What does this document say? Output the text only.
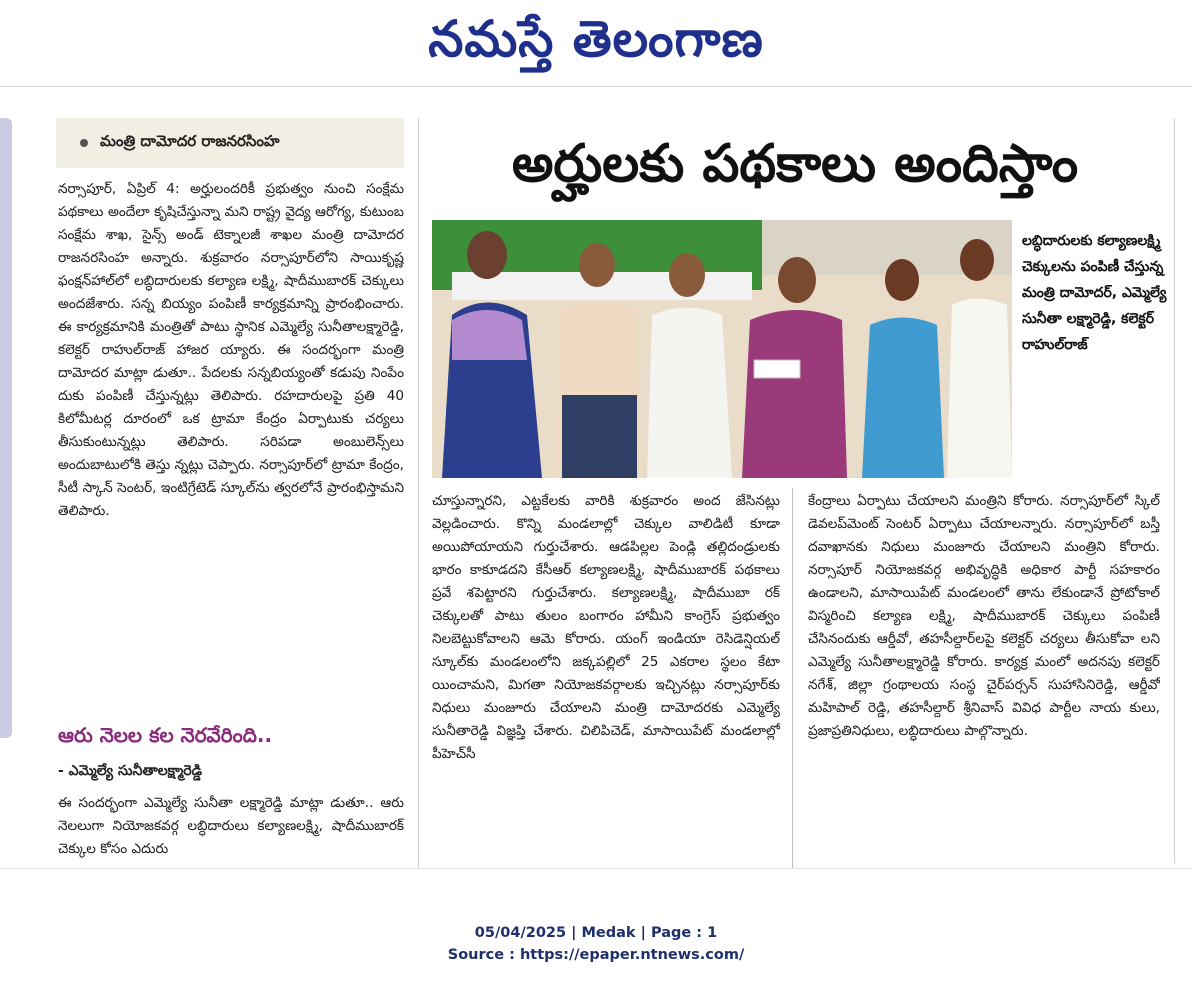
నమస్తే తెలంగాణ
మంత్రి దామోదర రాజనరసింహ	అర్హులకు పథకాలు అందిస్తాం
నర్సాపూర్, ఏప్రిల్ 4: అర్హులందరికీ ప్రభుత్వం నుంచి సంక్షేమ పథకాలు అందేలా కృషిచేస్తున్నా మని రాష్ట్ర వైద్య ఆరోగ్య, కుటుంబ సంక్షేమ శాఖ, సైన్స్ అండ్ టెక్నాలజీ శాఖల మంత్రి దామోదర రాజనరసింహ అన్నారు. శుక్రవారం నర్సాపూర్‌లోని సాయికృష్ణ ఫంక్షన్‌హాల్‌లో లబ్ధిదారులకు కల్యాణ లక్ష్మి, షాదీముబారక్ చెక్కులు అందజేశారు. సన్న బియ్యం పంపిణీ కార్యక్రమాన్ని ప్రారంభించారు. ఈ కార్యక్రమానికి మంత్రితో పాటు స్థానిక ఎమ్మెల్యే సునీతాలక్ష్మారెడ్డి, కలెక్టర్ రాహుల్‌రాజ్ హాజర య్యారు. ఈ సందర్భంగా మంత్రి దామోదర మాట్లా డుతూ.. పేదలకు సన్నబియ్యంతో కడుపు నింపేం దుకు పంపిణీ చేస్తున్నట్లు తెలిపారు. రహదారులపై ప్రతి 40 కిలోమీటర్ల దూరంలో ఒక ట్రామా కేంద్రం ఏర్పాటుకు చర్యలు తీసుకుంటున్నట్లు తెలిపారు. సరిపడా అంబులెన్స్‌లు అందుబాటులోకి తెస్తు న్నట్లు చెప్పారు. నర్సాపూర్‌లో ట్రామా కేంద్రం, సీటీ స్కాన్ సెంటర్, ఇంటిగ్రేటెడ్ స్కూల్‌ను త్వరలోనే ప్రారంభిస్తామని తెలిపారు.
ఆరు నెలల కల నెరవేరింది..
- ఎమ్మెల్యే సునీతాలక్ష్మారెడ్డి
ఈ సందర్భంగా ఎమ్మెల్యే సునీతా లక్ష్మారెడ్డి మాట్లా డుతూ.. ఆరు నెలలుగా నియోజకవర్గ లబ్ధిదారులు కల్యాణలక్ష్మి, షాదీముబారక్ చెక్కుల కోసం ఎదురు
లబ్ధిదారులకు కల్యాణలక్ష్మి చెక్కులను పంపిణీ చేస్తున్న మంత్రి దామోదర్, ఎమ్మెల్యే సునీతా లక్ష్మారెడ్డి, కలెక్టర్ రాహుల్‌రాజ్
చూస్తున్నారని, ఎట్టకేలకు వారికి శుక్రవారం అంద జేసినట్లు వెల్లడించారు. కొన్ని మండలాల్లో చెక్కుల వాలిడిటీ కూడా అయిపోయాయని గుర్తుచేశారు. ఆడపిల్లల పెండ్లి తల్లిదండ్రులకు భారం కాకూడదని కేసీఆర్ కల్యాణలక్ష్మి, షాదీముబారక్ పథకాలు ప్రవే శపెట్టారని గుర్తుచేశారు. కల్యాణలక్ష్మి, షాదీముబా రక్ చెక్కులతో పాటు తులం బంగారం హామీని కాంగ్రెస్ ప్రభుత్వం నిలబెట్టుకోవాలని ఆమె కోరారు. యంగ్ ఇండియా రెసిడెన్షియల్ స్కూల్‌కు మండలంలోని జక్కపల్లిలో 25 ఎకరాల స్థలం కేటా యించామని, మిగతా నియోజకవర్గాలకు ఇచ్చినట్లు నర్సాపూర్‌కు నిధులు మంజూరు చేయాలని మంత్రి దామోదరకు ఎమ్మెల్యే సునీతారెడ్డి విజ్ఞప్తి చేశారు. చిలిపిచెడ్, మాసాయిపేట్ మండలాల్లో పీహెచ్‌సీ
కేంద్రాలు ఏర్పాటు చేయాలని మంత్రిని కోరారు. నర్సాపూర్‌లో స్కిల్ డెవలప్‌మెంట్ సెంటర్ ఏర్పాటు చేయాలన్నారు. నర్సాపూర్‌లో బస్తీ దవాఖానకు నిధులు మంజూరు చేయాలని మంత్రిని కోరారు. నర్సాపూర్ నియోజకవర్గ అభివృద్ధికి అధికార పార్టీ సహకారం ఉండాలని, మాసాయిపేట్ మండలంలో తాను లేకుండానే ప్రోటోకాల్ విస్మరించి కల్యాణ లక్ష్మి, షాదీముబారక్ చెక్కులు పంపిణీ చేసినందుకు ఆర్డీవో, తహసీల్దార్‌లపై కలెక్టర్ చర్యలు తీసుకోవా లని ఎమ్మెల్యే సునీతాలక్ష్మారెడ్డి కోరారు. కార్యక్ర మంలో అదనపు కలెక్టర్ నగేశ్, జిల్లా గ్రంథాలయ సంస్థ చైర్‌పర్సన్ సుహాసినిరెడ్డి, ఆర్డీవో మహిపాల్ రెడ్డి, తహసీల్దార్ శ్రీనివాస్ వివిధ పార్టీల నాయ కులు, ప్రజాప్రతినిధులు, లబ్ధిదారులు పాల్గొన్నారు.
05/04/2025 | Medak | Page : 1
Source : https://epaper.ntnews.com/
